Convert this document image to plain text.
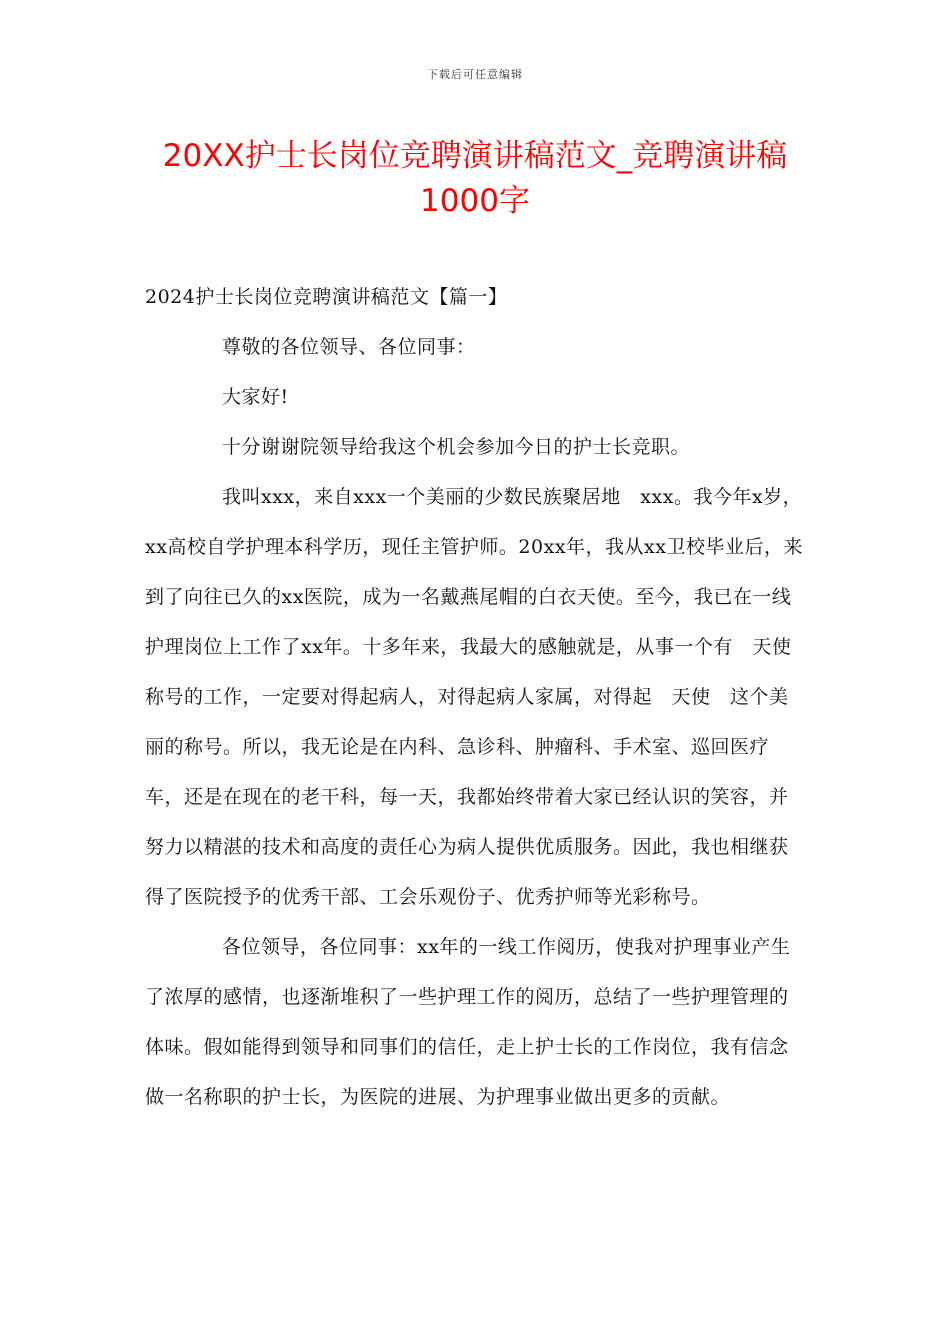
下载后可任意编辑
20XX护士长岗位竞聘演讲稿范文_竞聘演讲稿1000字
2024护士长岗位竞聘演讲稿范文【篇一】

尊敬的各位领导、各位同事：

大家好!

十分谢谢院领导给我这个机会参加今日的护士长竞职。

我叫xxx，来自xxx一个美丽的少数民族聚居地　xxx。我今年x岁，xx高校自学护理本科学历，现任主管护师。20xx年，我从xx卫校毕业后，来到了向往已久的xx医院，成为一名戴燕尾帽的白衣天使。至今，我已在一线护理岗位上工作了xx年。十多年来，我最大的感触就是，从事一个有　天使　称号的工作，一定要对得起病人，对得起病人家属，对得起　天使　这个美丽的称号。所以，我无论是在内科、急诊科、肿瘤科、手术室、巡回医疗车，还是在现在的老干科，每一天，我都始终带着大家已经认识的笑容，并努力以精湛的技术和高度的责任心为病人提供优质服务。因此，我也相继获得了医院授予的优秀干部、工会乐观份子、优秀护师等光彩称号。

各位领导，各位同事：xx年的一线工作阅历，使我对护理事业产生了浓厚的感情，也逐渐堆积了一些护理工作的阅历，总结了一些护理管理的体味。假如能得到领导和同事们的信任，走上护士长的工作岗位，我有信念做一名称职的护士长，为医院的进展、为护理事业做出更多的贡献。
